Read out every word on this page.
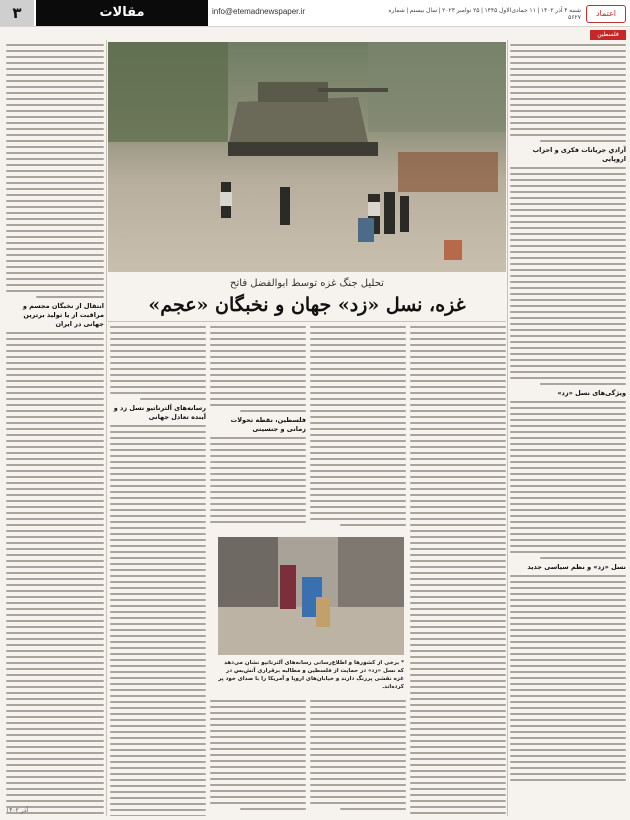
۳	مقالات	info@etemadnewspaper.ir	شنبه ۴ آذر ۱۴۰۲ | ۱۱ جمادی‌الاول ۱۴۴۵ | ۲۵ نوامبر ۲۰۲۳ | سال بیستم | شماره ۵۶۲۷	اعتماد
فلسطین
آزادیِ جریانات فکری و احزاب اروپایی
ویژگی‌های نسل «زد»
نسل «زد» و نظم سیاسی جدید
انتقال از نخبگان مجسم و مراقبت از یا تولید برترین جهانی در ایران
آذر ۱۴۰۲
تحلیل جنگ غزه توسط ابوالفضل فاتح
غزه، نسل «زد» جهان و نخبگان «عجم»
فلسطین، نقطه تحولات زمانی و جنسیتی
رسانه‌های آلترناتیو نسل زد و آینده تعادل جهانی
* برخی از کشورها و اطلاع‌رسانی رسانه‌های آلترناتیو نشان می‌دهد که نسل «زد» در حمایت از فلسطین و مطالبه برقراری آتش‌بس در غزه نقشی پررنگ دارند و خیابان‌های اروپا و آمریکا را با صدای خود پر کرده‌اند.
